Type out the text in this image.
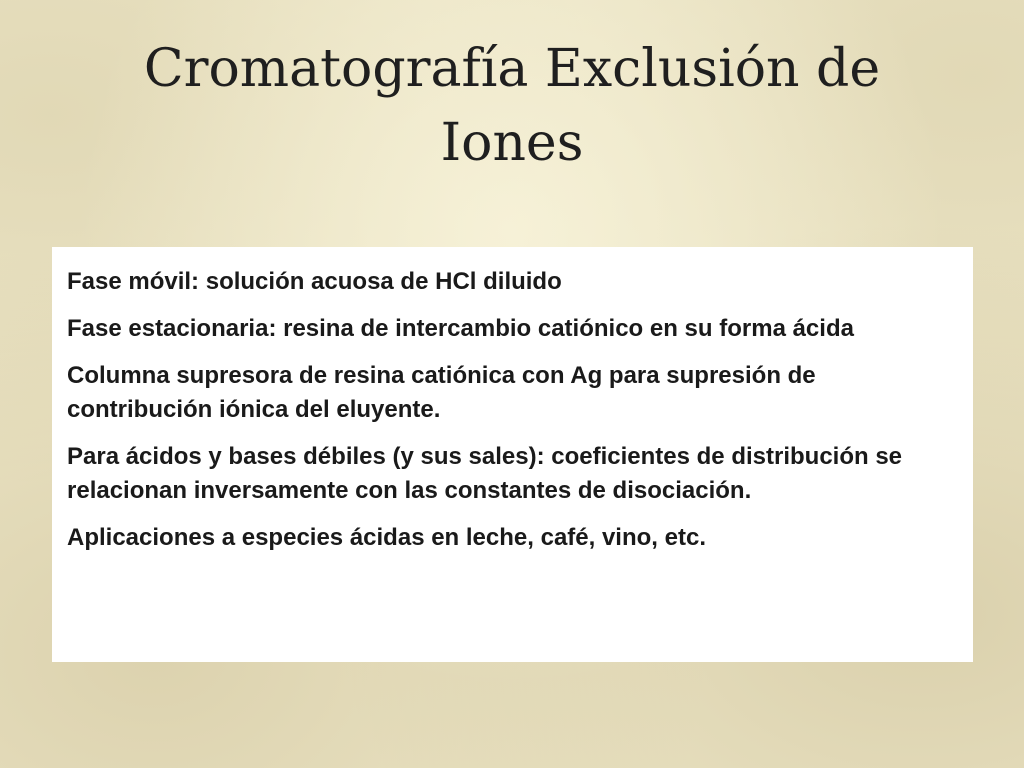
Cromatografía Exclusión de
Iones

Fase móvil: solución acuosa de HCl diluido

Fase estacionaria: resina de intercambio catiónico en su forma ácida

Columna supresora de resina catiónica con Ag para supresión de contribución iónica del eluyente.

Para ácidos y bases débiles (y sus sales): coeficientes de distribución se relacionan inversamente con las constantes de disociación.

Aplicaciones a especies ácidas en leche, café, vino, etc.
